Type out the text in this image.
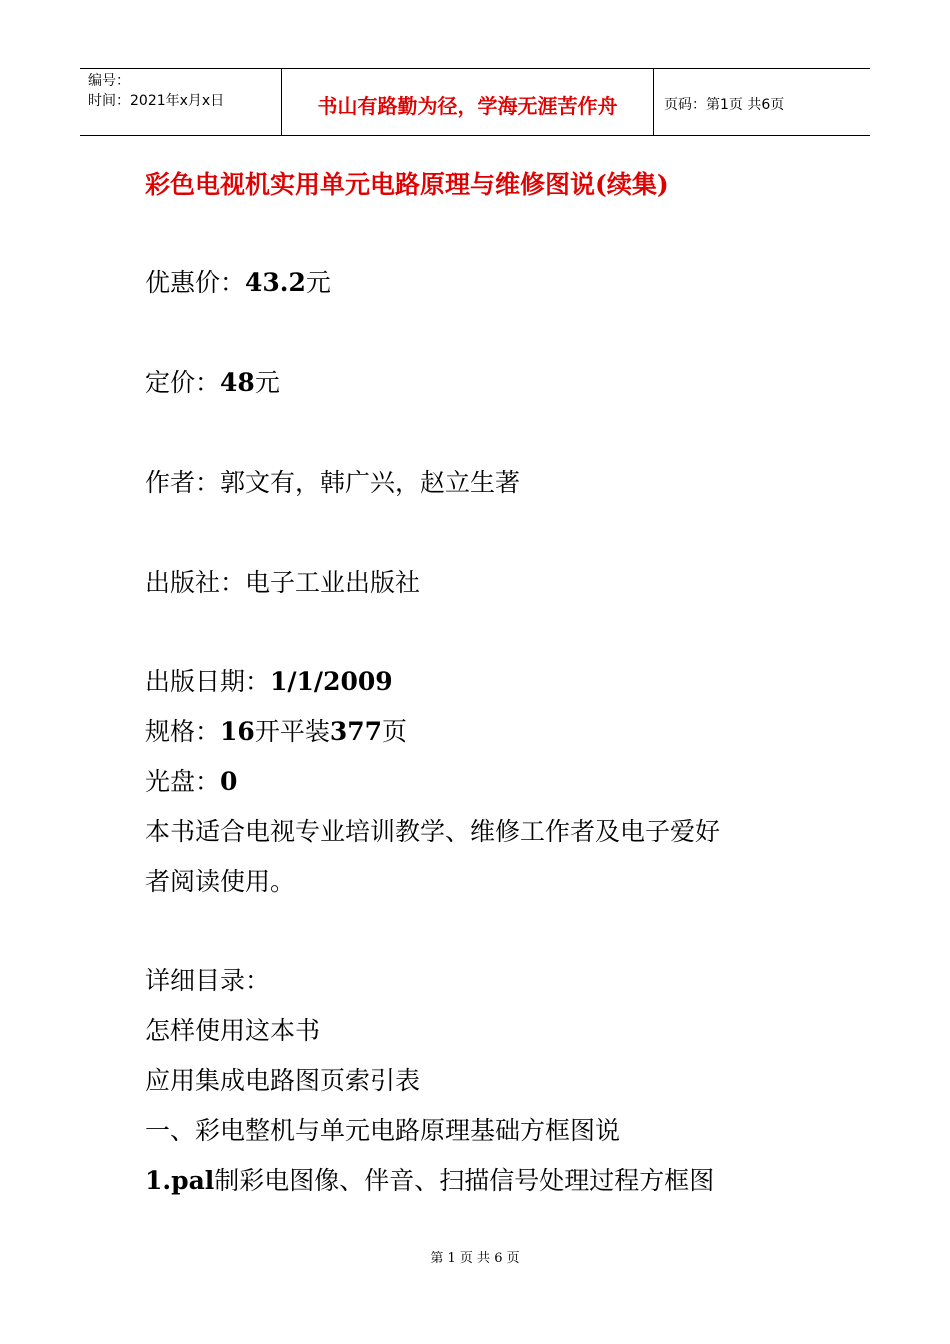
编号：
时间：2021年x月x日	书山有路勤为径，学海无涯苦作舟	页码：第1页 共6页
彩色电视机实用单元电路原理与维修图说(续集)
优惠价：43.2元
定价：48元
作者：郭文有，韩广兴，赵立生著
出版社：电子工业出版社
出版日期：1/1/2009
规格：16开平装377页
光盘：0
本书适合电视专业培训教学、维修工作者及电子爱好
者阅读使用。
详细目录：
怎样使用这本书
应用集成电路图页索引表
一、彩电整机与单元电路原理基础方框图说
1.pal制彩电图像、伴音、扫描信号处理过程方框图
第 1 页 共 6 页
